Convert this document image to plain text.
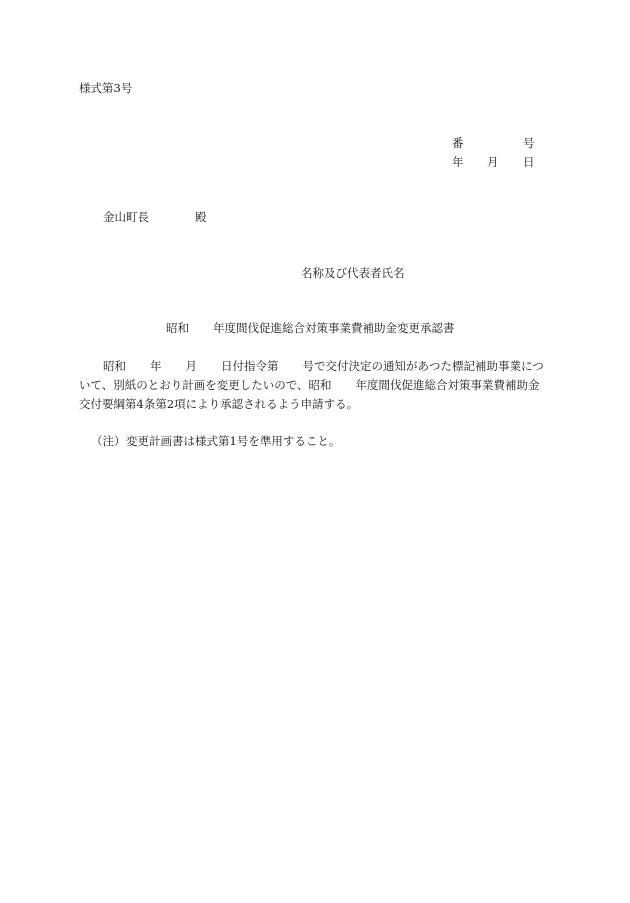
様式第3号
番	号
年 月 日
金山町長	殿
名称及び代表者氏名
昭和 年度間伐促進総合対策事業費補助金変更承認書
昭和 年 月 日付指令第 号で交付決定の通知があつた標記補助事業につ
いて、別紙のとおり計画を変更したいので、昭和 年度間伐促進総合対策事業費補助金
交付要綱第4条第2項により承認されるよう申請する。
（注） 変更計画書は様式第1号を準用すること。
